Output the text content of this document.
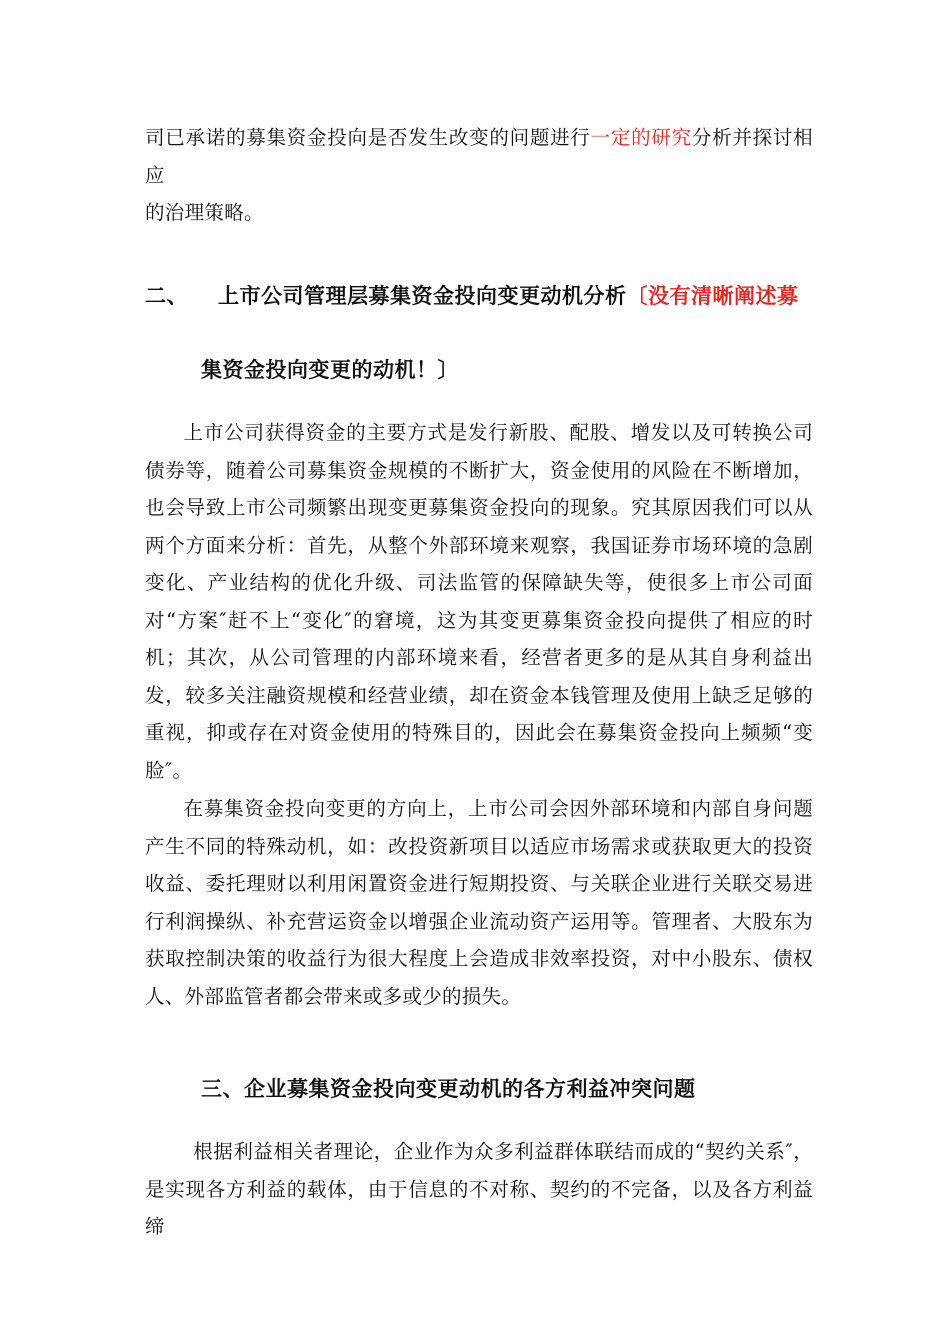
司已承诺的募集资金投向是否发生改变的问题进行一定的研究分析并探讨相应
的治理策略。
二、 上市公司管理层募集资金投向变更动机分析〔没有清晰阐述募
集资金投向变更的动机！〕
上市公司获得资金的主要方式是发行新股、配股、增发以及可转换公司债券等，随着公司募集资金规模的不断扩大，资金使用的风险在不断增加，也会导致上市公司频繁出现变更募集资金投向的现象。究其原因我们可以从两个方面来分析：首先，从整个外部环境来观察，我国证券市场环境的急剧变化、产业结构的优化升级、司法监管的保障缺失等，使很多上市公司面对“方案″赶不上“变化″的窘境，这为其变更募集资金投向提供了相应的时机；其次，从公司管理的内部环境来看，经营者更多的是从其自身利益出发，较多关注融资规模和经营业绩，却在资金本钱管理及使用上缺乏足够的重视，抑或存在对资金使用的特殊目的，因此会在募集资金投向上频频“变脸″。
在募集资金投向变更的方向上，上市公司会因外部环境和内部自身问题产生不同的特殊动机，如：改投资新项目以适应市场需求或获取更大的投资收益、委托理财以利用闲置资金进行短期投资、与关联企业进行关联交易进行利润操纵、补充营运资金以增强企业流动资产运用等。管理者、大股东为获取控制决策的收益行为很大程度上会造成非效率投资，对中小股东、债权人、外部监管者都会带来或多或少的损失。
三、企业募集资金投向变更动机的各方利益冲突问题
根据利益相关者理论，企业作为众多利益群体联结而成的“契约关系″，是实现各方利益的载体，由于信息的不对称、契约的不完备，以及各方利益缔
